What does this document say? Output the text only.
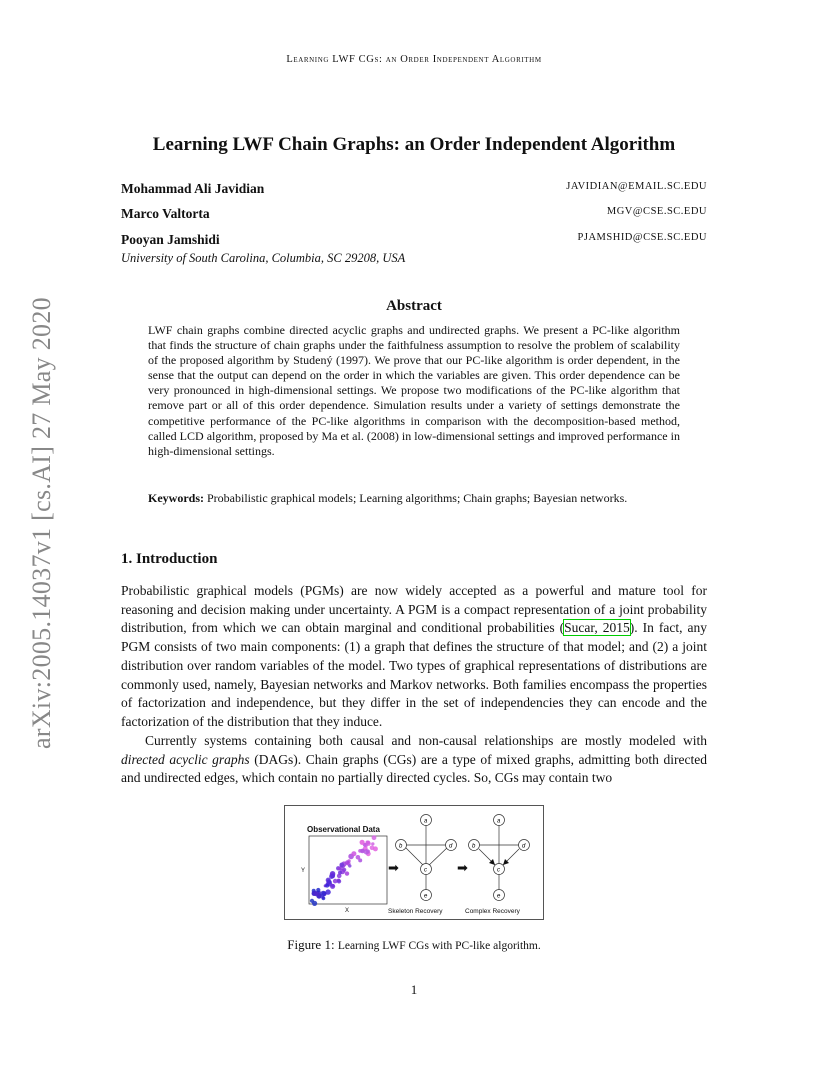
Learning LWF CGs: an Order Independent Algorithm
arXiv:2005.14037v1 [cs.AI] 27 May 2020
Learning LWF Chain Graphs: an Order Independent Algorithm
Mohammad Ali Javidian	JAVIDIAN@EMAIL.SC.EDU
Marco Valtorta	MGV@CSE.SC.EDU
Pooyan Jamshidi	PJAMSHID@CSE.SC.EDU
University of South Carolina, Columbia, SC 29208, USA
Abstract

LWF chain graphs combine directed acyclic graphs and undirected graphs. We present a PC-like algorithm that finds the structure of chain graphs under the faithfulness assumption to resolve the problem of scalability of the proposed algorithm by Studený (1997). We prove that our PC-like algorithm is order dependent, in the sense that the output can depend on the order in which the variables are given. This order dependence can be very pronounced in high-dimensional settings. We propose two modifications of the PC-like algorithm that remove part or all of this order dependence. Simulation results under a variety of settings demonstrate the competitive performance of the PC-like algorithms in comparison with the decomposition-based method, called LCD algorithm, proposed by Ma et al. (2008) in low-dimensional settings and improved performance in high-dimensional settings.

Keywords: Probabilistic graphical models; Learning algorithms; Chain graphs; Bayesian networks.

1. Introduction

Probabilistic graphical models (PGMs) are now widely accepted as a powerful and mature tool for reasoning and decision making under uncertainty. A PGM is a compact representation of a joint probability distribution, from which we can obtain marginal and conditional probabilities (Sucar, 2015). In fact, any PGM consists of two main components: (1) a graph that defines the structure of that model; and (2) a joint distribution over random variables of the model. Two types of graphical representations of distributions are commonly used, namely, Bayesian networks and Markov networks. Both families encompass the properties of factorization and independence, but they differ in the set of independencies they can encode and the factorization of the distribution that they induce.

Currently systems containing both causal and non-causal relationships are mostly modeled with directed acyclic graphs (DAGs). Chain graphs (CGs) are a type of mixed graphs, admitting both directed and undirected edges, which contain no partially directed cycles. So, CGs may contain two

Observational Data
Y
X
➡	➡
a
b	d
c
e
a
b	d
c
e
Skeleton Recovery	Complex Recovery
Figure 1: Learning LWF CGs with PC-like algorithm.
1
